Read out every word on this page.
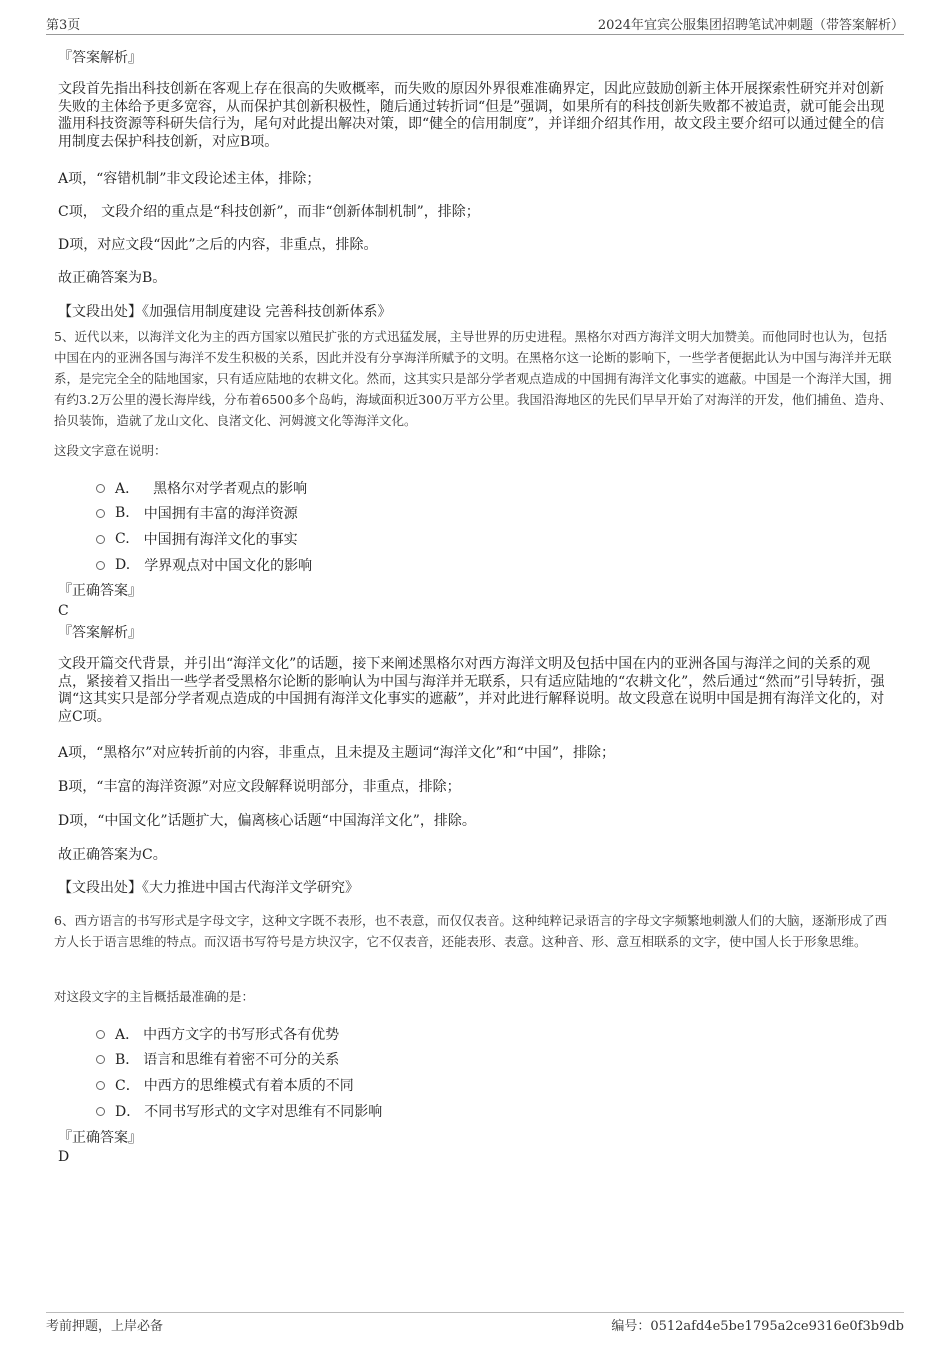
第3页	2024年宜宾公服集团招聘笔试冲刺题（带答案解析）
『答案解析』
文段首先指出科技创新在客观上存在很高的失败概率，而失败的原因外界很难准确界定，因此应鼓励创新主体开展探索性研究并对创新失败的主体给予更多宽容，从而保护其创新积极性，随后通过转折词“但是”强调，如果所有的科技创新失败都不被追责，就可能会出现滥用科技资源等科研失信行为，尾句对此提出解决对策，即“健全的信用制度”，并详细介绍其作用，故文段主要介绍可以通过健全的信用制度去保护科技创新，对应B项。
A项，“容错机制”非文段论述主体，排除；
C项， 文段介绍的重点是“科技创新”，而非“创新体制机制”，排除；
D项，对应文段“因此”之后的内容，非重点，排除。
故正确答案为B。
【文段出处】《加强信用制度建设 完善科技创新体系》
5、近代以来，以海洋文化为主的西方国家以殖民扩张的方式迅猛发展，主导世界的历史进程。黑格尔对西方海洋文明大加赞美。而他同时也认为，包括中国在内的亚洲各国与海洋不发生积极的关系，因此并没有分享海洋所赋予的文明。在黑格尔这一论断的影响下，一些学者便据此认为中国与海洋并无联系，是完完全全的陆地国家，只有适应陆地的农耕文化。然而，这其实只是部分学者观点造成的中国拥有海洋文化事实的遮蔽。中国是一个海洋大国，拥有约3.2万公里的漫长海岸线，分布着6500多个岛屿，海域面积近300万平方公里。我国沿海地区的先民们早早开始了对海洋的开发，他们捕鱼、造舟、拾贝装饰，造就了龙山文化、良渚文化、河姆渡文化等海洋文化。
这段文字意在说明：
A． 黑格尔对学者观点的影响
B. 中国拥有丰富的海洋资源
C. 中国拥有海洋文化的事实
D. 学界观点对中国文化的影响
『正确答案』
C
『答案解析』
文段开篇交代背景，并引出“海洋文化”的话题，接下来阐述黑格尔对西方海洋文明及包括中国在内的亚洲各国与海洋之间的关系的观点，紧接着又指出一些学者受黑格尔论断的影响认为中国与海洋并无联系，只有适应陆地的“农耕文化”，然后通过“然而”引导转折，强调“这其实只是部分学者观点造成的中国拥有海洋文化事实的遮蔽”，并对此进行解释说明。故文段意在说明中国是拥有海洋文化的，对应C项。
A项，“黑格尔”对应转折前的内容，非重点，且未提及主题词“海洋文化”和“中国”，排除；
B项，“丰富的海洋资源”对应文段解释说明部分，非重点，排除；
D项，“中国文化”话题扩大，偏离核心话题“中国海洋文化”，排除。
故正确答案为C。
【文段出处】《大力推进中国古代海洋文学研究》
6、西方语言的书写形式是字母文字，这种文字既不表形，也不表意，而仅仅表音。这种纯粹记录语言的字母文字频繁地刺激人们的大脑，逐渐形成了西方人长于语言思维的特点。而汉语书写符号是方块汉字，它不仅表音，还能表形、表意。这种音、形、意互相联系的文字，使中国人长于形象思维。
对这段文字的主旨概括最准确的是：
A． 中西方文字的书写形式各有优势
B． 语言和思维有着密不可分的关系
C． 中西方的思维模式有着本质的不同
D． 不同书写形式的文字对思维有不同影响
『正确答案』
D
考前押题，上岸必备	编号：0512afd4e5be1795a2ce9316e0f3b9db
